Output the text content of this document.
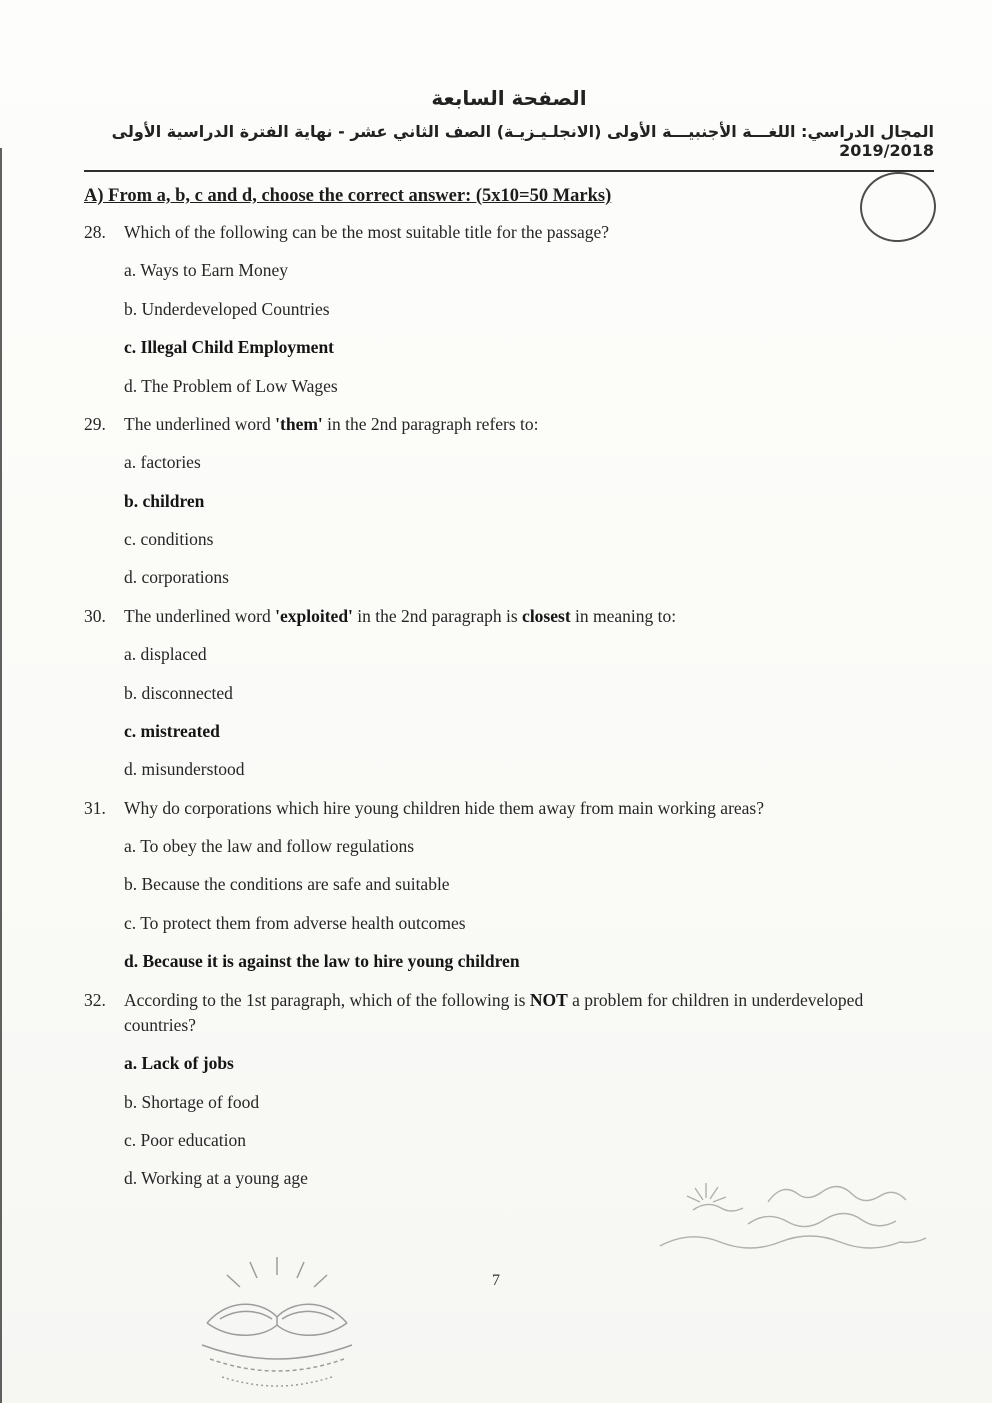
الصفحة السابعة
المجال الدراسي: اللغـــة الأجنبيـــة الأولى (الانجلـيـزيـة) الصف الثاني عشر - نهاية الفترة الدراسية الأولى 2019/2018
A) From a, b, c and d, choose the correct answer: (5x10=50 Marks)
28.	Which of the following can be the most suitable title for the passage?
a. Ways to Earn Money
b. Underdeveloped Countries
c. Illegal Child Employment
d. The Problem of Low Wages
29.	The underlined word 'them' in the 2nd paragraph refers to:
a. factories
b. children
c. conditions
d. corporations
30.	The underlined word 'exploited' in the 2nd paragraph is closest in meaning to:
a. displaced
b. disconnected
c. mistreated
d. misunderstood
31.	Why do corporations which hire young children hide them away from main working areas?
a. To obey the law and follow regulations
b. Because the conditions are safe and suitable
c. To protect them from adverse health outcomes
d. Because it is against the law to hire young children
32.	According to the 1st paragraph, which of the following is NOT a problem for children in underdeveloped countries?
a. Lack of jobs
b. Shortage of food
c. Poor education
d. Working at a young age
7
